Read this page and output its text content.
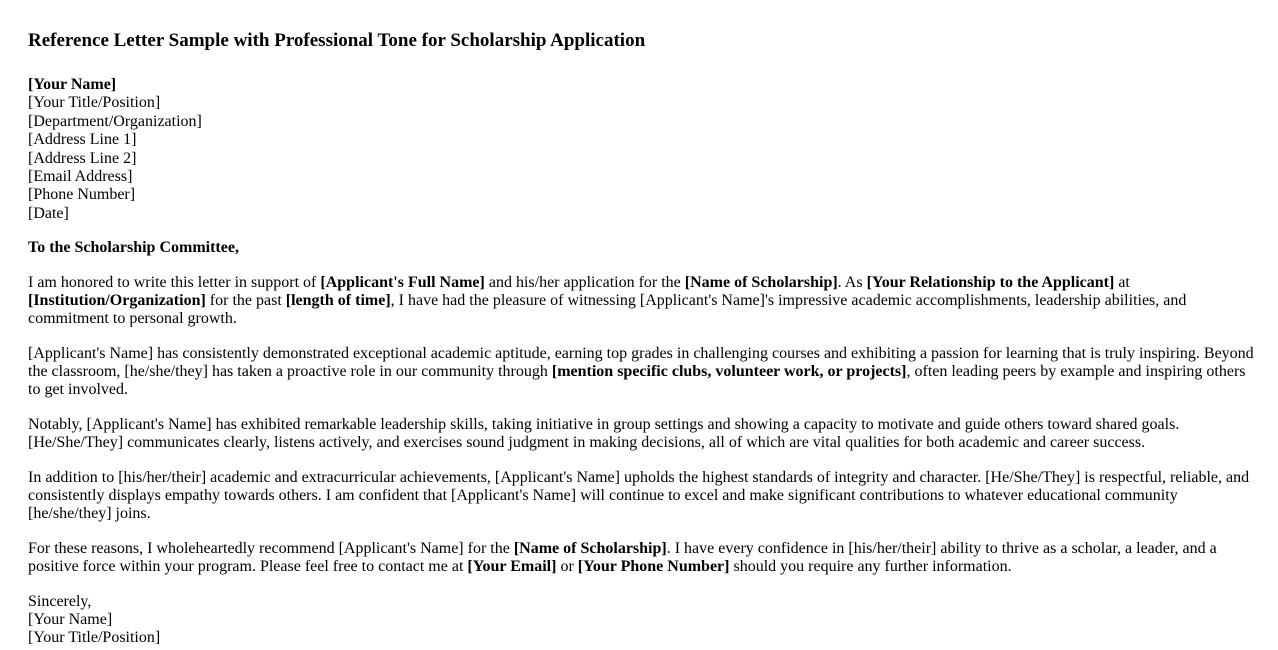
Reference Letter Sample with Professional Tone for Scholarship Application

[Your Name]
[Your Title/Position]
[Department/Organization]
[Address Line 1]
[Address Line 2]
[Email Address]
[Phone Number]
[Date]

To the Scholarship Committee,

I am honored to write this letter in support of [Applicant's Full Name] and his/her application for the [Name of Scholarship]. As [Your Relationship to the Applicant] at [Institution/Organization] for the past [length of time], I have had the pleasure of witnessing [Applicant's Name]'s impressive academic accomplishments, leadership abilities, and commitment to personal growth.

[Applicant's Name] has consistently demonstrated exceptional academic aptitude, earning top grades in challenging courses and exhibiting a passion for learning that is truly inspiring. Beyond the classroom, [he/she/they] has taken a proactive role in our community through [mention specific clubs, volunteer work, or projects], often leading peers by example and inspiring others to get involved.

Notably, [Applicant's Name] has exhibited remarkable leadership skills, taking initiative in group settings and showing a capacity to motivate and guide others toward shared goals. [He/She/They] communicates clearly, listens actively, and exercises sound judgment in making decisions, all of which are vital qualities for both academic and career success.

In addition to [his/her/their] academic and extracurricular achievements, [Applicant's Name] upholds the highest standards of integrity and character. [He/She/They] is respectful, reliable, and consistently displays empathy towards others. I am confident that [Applicant's Name] will continue to excel and make significant contributions to whatever educational community [he/she/they] joins.

For these reasons, I wholeheartedly recommend [Applicant's Name] for the [Name of Scholarship]. I have every confidence in [his/her/their] ability to thrive as a scholar, a leader, and a positive force within your program. Please feel free to contact me at [Your Email] or [Your Phone Number] should you require any further information.

Sincerely,
[Your Name]
[Your Title/Position]
